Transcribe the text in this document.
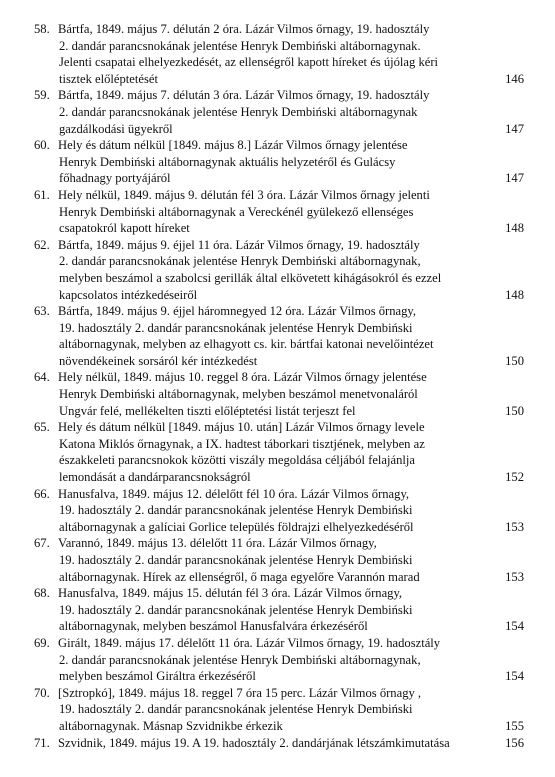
58. Bártfa, 1849. május 7. délután 2 óra. Lázár Vilmos őrnagy, 19. hadosztály
2. dandár parancsnokának jelentése Henryk Dembiński altábornagynak.
Jelenti csapatai elhelyezkedését, az ellenségről kapott híreket és újólag kéri
tisztek előléptetését	146
59. Bártfa, 1849. május 7. délután 3 óra. Lázár Vilmos őrnagy, 19. hadosztály
2. dandár parancsnokának jelentése Henryk Dembiński altábornagynak
gazdálkodási ügyekről	147
60. Hely és dátum nélkül [1849. május 8.] Lázár Vilmos őrnagy jelentése
Henryk Dembiński altábornagynak aktuális helyzetéről és Gulácsy
főhadnagy portyájáról	147
61. Hely nélkül, 1849. május 9. délután fél 3 óra. Lázár Vilmos őrnagy jelenti
Henryk Dembiński altábornagynak a Vereckénél gyülekező ellenséges
csapatokról kapott híreket	148
62. Bártfa, 1849. május 9. éjjel 11 óra. Lázár Vilmos őrnagy, 19. hadosztály
2. dandár parancsnokának jelentése Henryk Dembiński altábornagynak,
melyben beszámol a szabolcsi gerillák által elkövetett kihágásokról és ezzel
kapcsolatos intézkedéseiről	148
63. Bártfa, 1849. május 9. éjjel háromnegyed 12 óra. Lázár Vilmos őrnagy,
19. hadosztály 2. dandár parancsnokának jelentése Henryk Dembiński
altábornagynak, melyben az elhagyott cs. kir. bártfai katonai nevelőintézet
növendékeinek sorsáról kér intézkedést	150
64. Hely nélkül, 1849. május 10. reggel 8 óra. Lázár Vilmos őrnagy jelentése
Henryk Dembiński altábornagynak, melyben beszámol menetvonaláról
Ungvár felé, mellékelten tiszti előléptetési listát terjeszt fel	150
65. Hely és dátum nélkül [1849. május 10. után] Lázár Vilmos őrnagy levele
Katona Miklós őrnagynak, a IX. hadtest táborkari tisztjének, melyben az
északkeleti parancsnokok közötti viszály megoldása céljából felajánlja
lemondását a dandárparancsnokságról	152
66. Hanusfalva, 1849. május 12. délelőtt fél 10 óra. Lázár Vilmos őrnagy,
19. hadosztály 2. dandár parancsnokának jelentése Henryk Dembiński
altábornagynak a galíciai Gorlice település földrajzi elhelyezkedéséről	153
67. Varannó, 1849. május 13. délelőtt 11 óra. Lázár Vilmos őrnagy,
19. hadosztály 2. dandár parancsnokának jelentése Henryk Dembiński
altábornagynak. Hírek az ellenségről, ő maga egyelőre Varannón marad	153
68. Hanusfalva, 1849. május 15. délután fél 3 óra. Lázár Vilmos őrnagy,
19. hadosztály 2. dandár parancsnokának jelentése Henryk Dembiński
altábornagynak, melyben beszámol Hanusfalvára érkezéséről	154
69. Girált, 1849. május 17. délelőtt 11 óra. Lázár Vilmos őrnagy, 19. hadosztály
2. dandár parancsnokának jelentése Henryk Dembiński altábornagynak,
melyben beszámol Giráltra érkezéséről	154
70. [Sztropkó], 1849. május 18. reggel 7 óra 15 perc. Lázár Vilmos őrnagy ,
19. hadosztály 2. dandár parancsnokának jelentése Henryk Dembiński
altábornagynak. Másnap Szvidnikbe érkezik	155
71. Szvidnik, 1849. május 19. A 19. hadosztály 2. dandárjának létszámkimutatása	156
